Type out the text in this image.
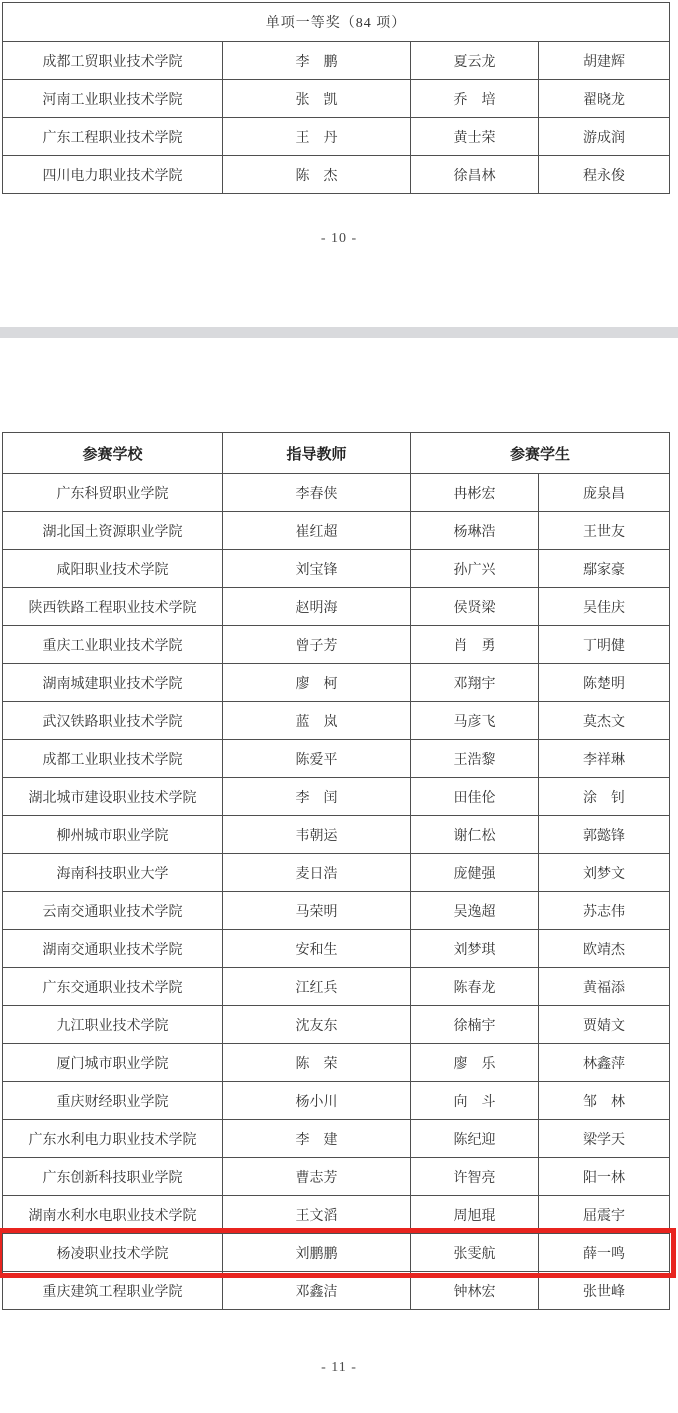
单项一等奖（84 项）			
成都工贸职业技术学院	李　鹏	夏云龙	胡建辉
河南工业职业技术学院	张　凯	乔　培	翟晓龙
广东工程职业技术学院	王　丹	黄士荣	游成润
四川电力职业技术学院	陈　杰	徐昌林	程永俊
- 10 -
参赛学校	指导教师	参赛学生	
广东科贸职业学院	李春侠	冉彬宏	庞泉昌
湖北国土资源职业学院	崔红超	杨琳浩	王世友
咸阳职业技术学院	刘宝锋	孙广兴	鄢家豪
陕西铁路工程职业技术学院	赵明海	侯贤梁	吴佳庆
重庆工业职业技术学院	曾子芳	肖　勇	丁明健
湖南城建职业技术学院	廖　柯	邓翔宇	陈楚明
武汉铁路职业技术学院	蓝　岚	马彦飞	莫杰文
成都工业职业技术学院	陈爱平	王浩黎	李祥琳
湖北城市建设职业技术学院	李　闰	田佳伦	涂　钊
柳州城市职业学院	韦朝运	谢仁松	郭懿锋
海南科技职业大学	麦日浩	庞健强	刘梦文
云南交通职业技术学院	马荣明	吴逸超	苏志伟
湖南交通职业技术学院	安和生	刘梦琪	欧靖杰
广东交通职业技术学院	江红兵	陈春龙	黄福添
九江职业技术学院	沈友东	徐楠宇	贾婧文
厦门城市职业学院	陈　荣	廖　乐	林鑫萍
重庆财经职业学院	杨小川	向　斗	邹　林
广东水利电力职业技术学院	李　建	陈纪迎	梁学天
广东创新科技职业学院	曹志芳	许智亮	阳一林
湖南水利水电职业技术学院	王文滔	周旭琨	屈震宇
杨凌职业技术学院	刘鹏鹏	张雯航	薛一鸣
重庆建筑工程职业学院	邓鑫洁	钟林宏	张世峰
- 11 -
